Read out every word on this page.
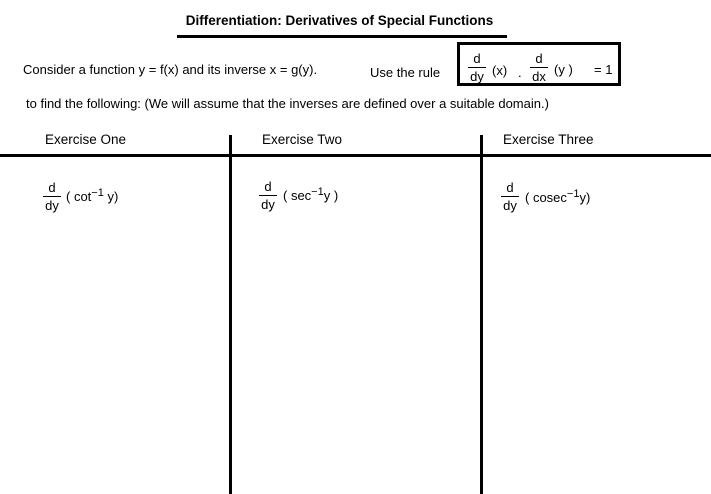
Differentiation: Derivatives of Special Functions
Consider a function y = f(x) and its inverse x = g(y).	Use the rule
to find the following: (We will assume that the inverses are defined over a suitable domain.)
d
dy (x) .
d
dx (y ) = 1
Exercise One	Exercise Two	Exercise Three
d
dy
( $\cot^{-1} y$)
d
dy
( $\sec^{-1}y$ )
d
dy
( cosec$^{-1}$y)
